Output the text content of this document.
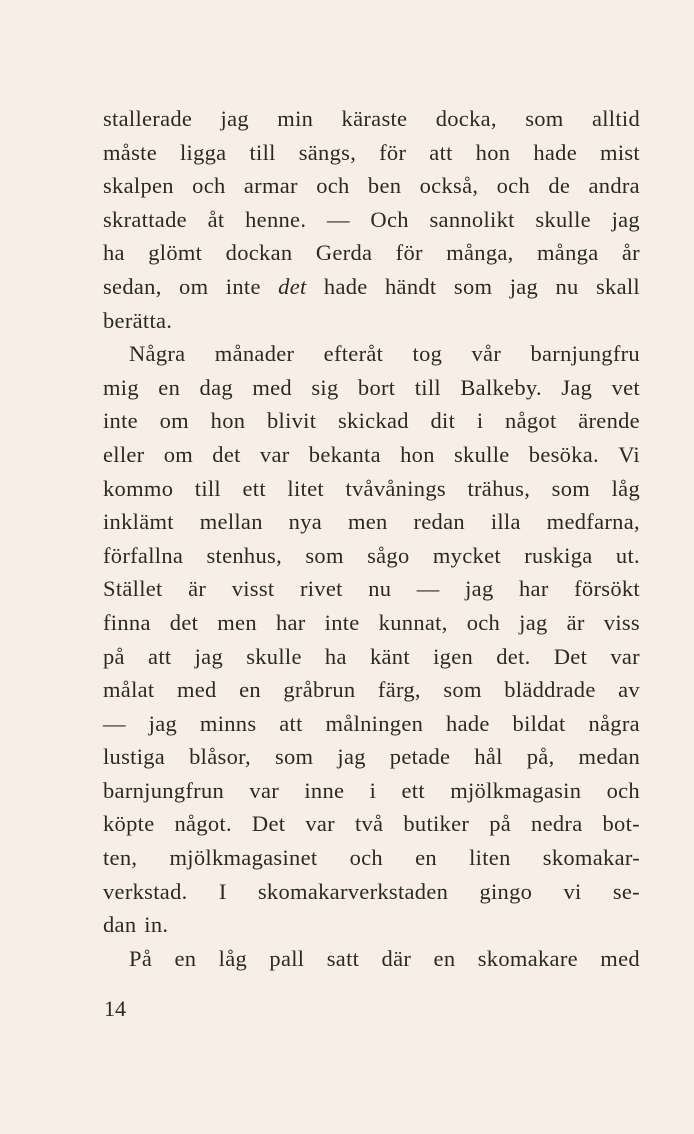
stallerade jag min käraste docka, som alltid
måste ligga till sängs, för att hon hade mist
skalpen och armar och ben också, och de andra
skrattade åt henne. — Och sannolikt skulle jag
ha glömt dockan Gerda för många, många år
sedan, om inte det hade händt som jag nu skall
berätta.
Några månader efteråt tog vår barnjungfru
mig en dag med sig bort till Balkeby. Jag vet
inte om hon blivit skickad dit i något ärende
eller om det var bekanta hon skulle besöka. Vi
kommo till ett litet tvåvånings trähus, som låg
inklämt mellan nya men redan illa medfarna,
förfallna stenhus, som sågo mycket ruskiga ut.
Stället är visst rivet nu — jag har försökt
finna det men har inte kunnat, och jag är viss
på att jag skulle ha känt igen det. Det var
målat med en gråbrun färg, som bläddrade av
— jag minns att målningen hade bildat några
lustiga blåsor, som jag petade hål på, medan
barnjungfrun var inne i ett mjölkmagasin och
köpte något. Det var två butiker på nedra bot-
ten, mjölkmagasinet och en liten skomakar-
verkstad. I skomakarverkstaden gingo vi se-
dan in.
På en låg pall satt där en skomakare med
14
